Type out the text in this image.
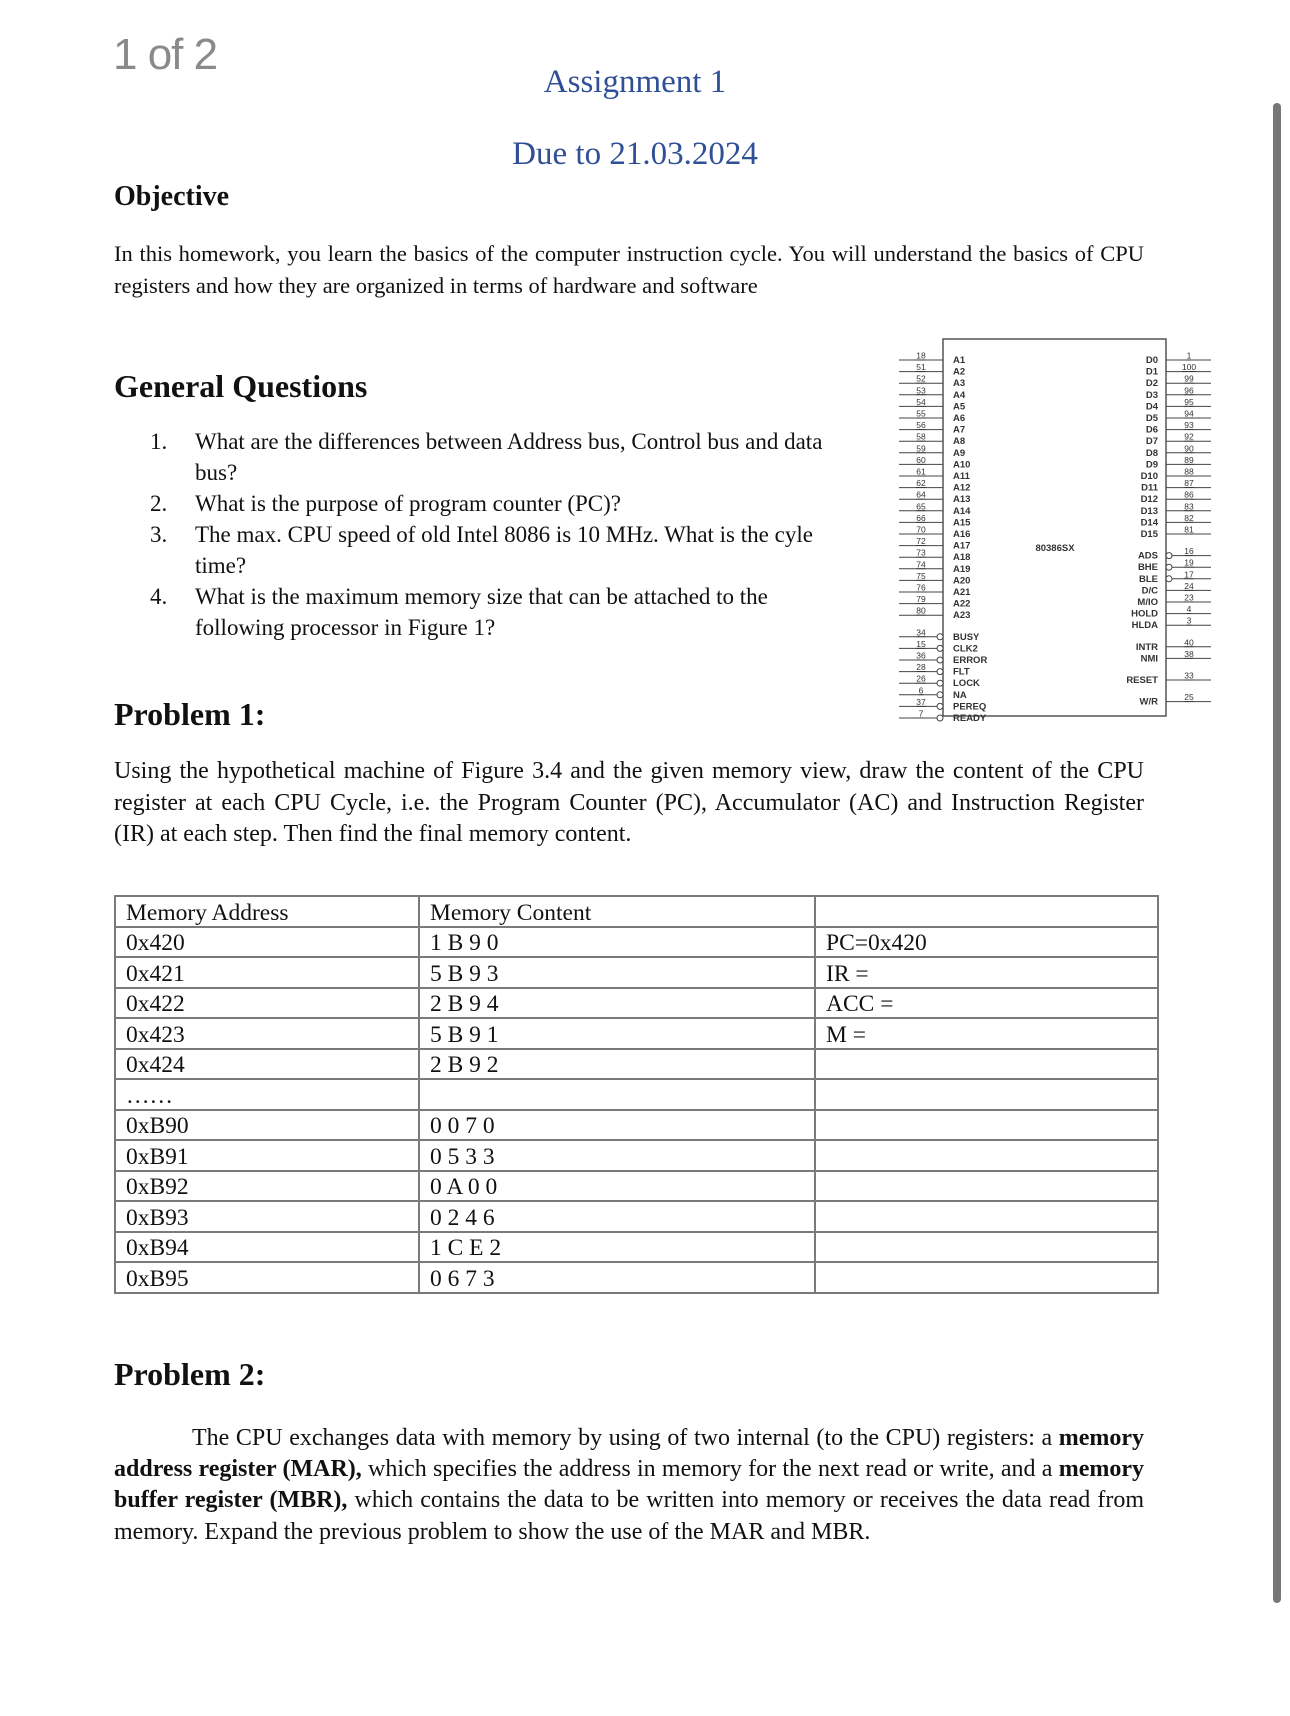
1 of 2
Assignment 1
Due to 21.03.2024
Objective
In this homework, you learn the basics of the computer instruction cycle. You will understand the basics of CPU registers and how they are organized in terms of hardware and software
General Questions
1. What are the differences between Address bus, Control bus and data bus?
2. What is the purpose of program counter (PC)?
3. The max. CPU speed of old Intel 8086 is 10 MHz. What is the cyle time?
4. What is the maximum memory size that can be attached to the following processor in Figure 1?
18	A1
51	A2
52	A3
53	A4
54	A5
55	A6
56	A7
58	A8
59	A9
60	A10
61	A11
62	A12
64	A13
65	A14
66	A15
70	A16
72	A17
73	A18
74	A19
75	A20
76	A21
79	A22
80	A23
34	BUSY
15	CLK2
36	ERROR
28	FLT
26	LOCK
6	NA
37	PEREQ
7	READY
1
D0
100
D1
99
D2
96
D3
95
D4
94
D5
93
D6
92
D7
90
D8
89
D9
88
D10
87
D11
86
D12
83
D13
82
D14
81
D15
16
ADS
19
BHE
17
BLE
24
D/C
23
M/IO
4
HOLD
3
HLDA
40
INTR
38
NMI
33
RESET
25
W/R
80386SX
Problem 1:
Using the hypothetical machine of Figure 3.4 and the given memory view, draw the content of the CPU register at each CPU Cycle, i.e. the Program Counter (PC), Accumulator (AC) and Instruction Register (IR) at each step. Then find the final memory content.
Memory Address	Memory Content	
0x420	1 B 9 0	PC=0x420
0x421	5 B 9 3	IR =
0x422	2 B 9 4	ACC =
0x423	5 B 9 1	M =
0x424	2 B 9 2	
……		
0xB90	0 0 7 0	
0xB91	0 5 3 3	
0xB92	0 A 0 0	
0xB93	0 2 4 6	
0xB94	1 C E 2	
0xB95	0 6 7 3	
Problem 2:
The CPU exchanges data with memory by using of two internal (to the CPU) registers: a memory address register (MAR), which specifies the address in memory for the next read or write, and a memory buffer register (MBR), which contains the data to be written into memory or receives the data read from memory. Expand the previous problem to show the use of the MAR and MBR.
